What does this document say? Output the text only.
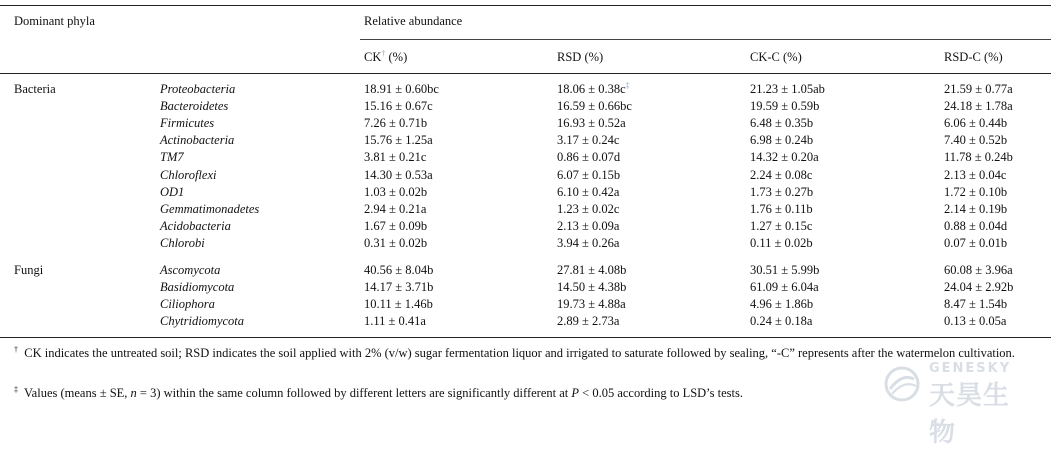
Dominant phyla	Relative abundance
CK† (%)	RSD (%)	CK-C (%)	RSD-C (%)
Bacteria	Proteobacteria	18.91 ± 0.60bc	18.06 ± 0.38c‡	21.23 ± 1.05ab	21.59 ± 0.77a
Bacteroidetes	15.16 ± 0.67c	16.59 ± 0.66bc	19.59 ± 0.59b	24.18 ± 1.78a
Firmicutes	7.26 ± 0.71b	16.93 ± 0.52a	6.48 ± 0.35b	6.06 ± 0.44b
Actinobacteria	15.76 ± 1.25a	3.17 ± 0.24c	6.98 ± 0.24b	7.40 ± 0.52b
TM7	3.81 ± 0.21c	0.86 ± 0.07d	14.32 ± 0.20a	11.78 ± 0.24b
Chloroflexi	14.30 ± 0.53a	6.07 ± 0.15b	2.24 ± 0.08c	2.13 ± 0.04c
OD1	1.03 ± 0.02b	6.10 ± 0.42a	1.73 ± 0.27b	1.72 ± 0.10b
Gemmatimonadetes	2.94 ± 0.21a	1.23 ± 0.02c	1.76 ± 0.11b	2.14 ± 0.19b
Acidobacteria	1.67 ± 0.09b	2.13 ± 0.09a	1.27 ± 0.15c	0.88 ± 0.04d
Chlorobi	0.31 ± 0.02b	3.94 ± 0.26a	0.11 ± 0.02b	0.07 ± 0.01b
Fungi	Ascomycota	40.56 ± 8.04b	27.81 ± 4.08b	30.51 ± 5.99b	60.08 ± 3.96a
Basidiomycota	14.17 ± 3.71b	14.50 ± 4.38b	61.09 ± 6.04a	24.04 ± 2.92b
Ciliophora	10.11 ± 1.46b	19.73 ± 4.88a	4.96 ± 1.86b	8.47 ± 1.54b
Chytridiomycota	1.11 ± 0.41a	2.89 ± 2.73a	0.24 ± 0.18a	0.13 ± 0.05a
† CK indicates the untreated soil; RSD indicates the soil applied with 2% (v/w) sugar fermentation liquor and irrigated to saturate followed by sealing, “-C” represents after the watermelon cultivation.
‡ Values (means ± SE, n = 3) within the same column followed by different letters are significantly different at P < 0.05 according to LSD’s tests.
GENESKY
天昊生物
